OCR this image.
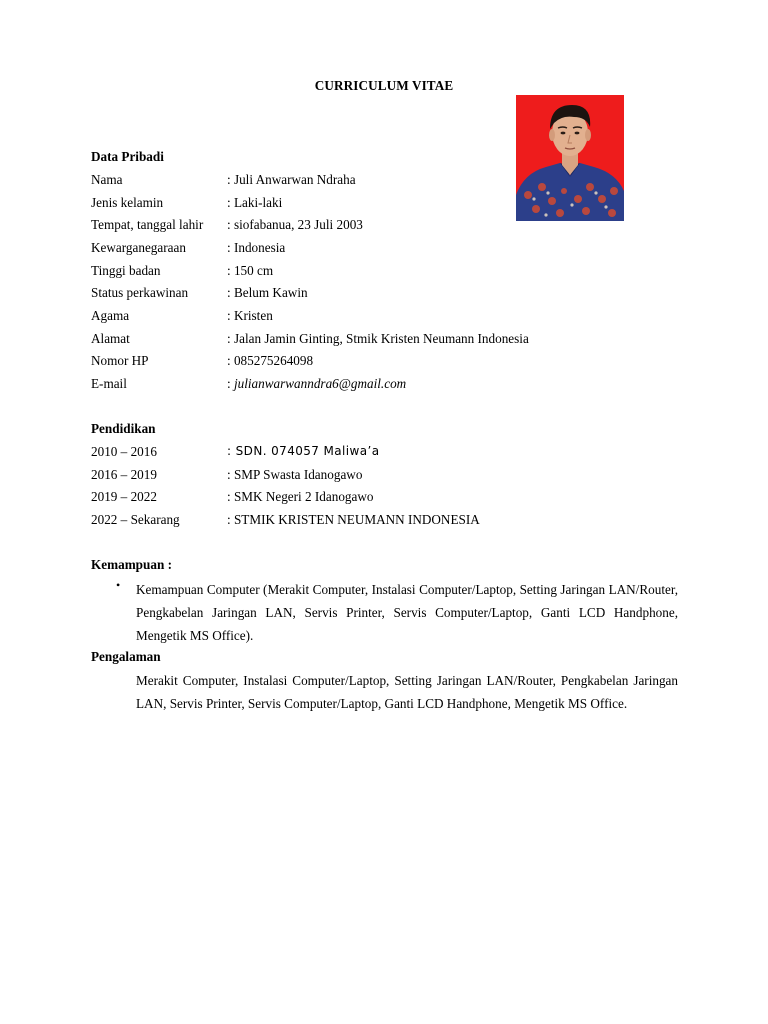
CURRICULUM VITAE
Data Pribadi
Nama	: Juli Anwarwan Ndraha
Jenis kelamin	: Laki-laki
Tempat, tanggal lahir : siofabanua, 23 Juli 2003
Kewarganegaraan	: Indonesia
Tinggi badan	: 150 cm
Status perkawinan	: Belum Kawin
Agama	: Kristen
Alamat	: Jalan Jamin Ginting, Stmik Kristen Neumann Indonesia
Nomor HP	: 085275264098
E-mail	: julianwarwanndra6@gmail.com
Pendidikan
2010 – 2016	: SDN. 074057 Maliwa’a
2016 – 2019	: SMP Swasta Idanogawo
2019 – 2022	: SMK Negeri 2 Idanogawo
2022 – Sekarang	: STMIK KRISTEN NEUMANN INDONESIA
Kemampuan :
• Kemampuan Computer (Merakit Computer, Instalasi Computer/Laptop, Setting Jaringan LAN/Router, Pengkabelan Jaringan LAN, Servis Printer, Servis Computer/Laptop, Ganti LCD Handphone, Mengetik MS Office).
Pengalaman
Merakit Computer, Instalasi Computer/Laptop, Setting Jaringan LAN/Router, Pengkabelan Jaringan LAN, Servis Printer, Servis Computer/Laptop, Ganti LCD Handphone, Mengetik MS Office.
